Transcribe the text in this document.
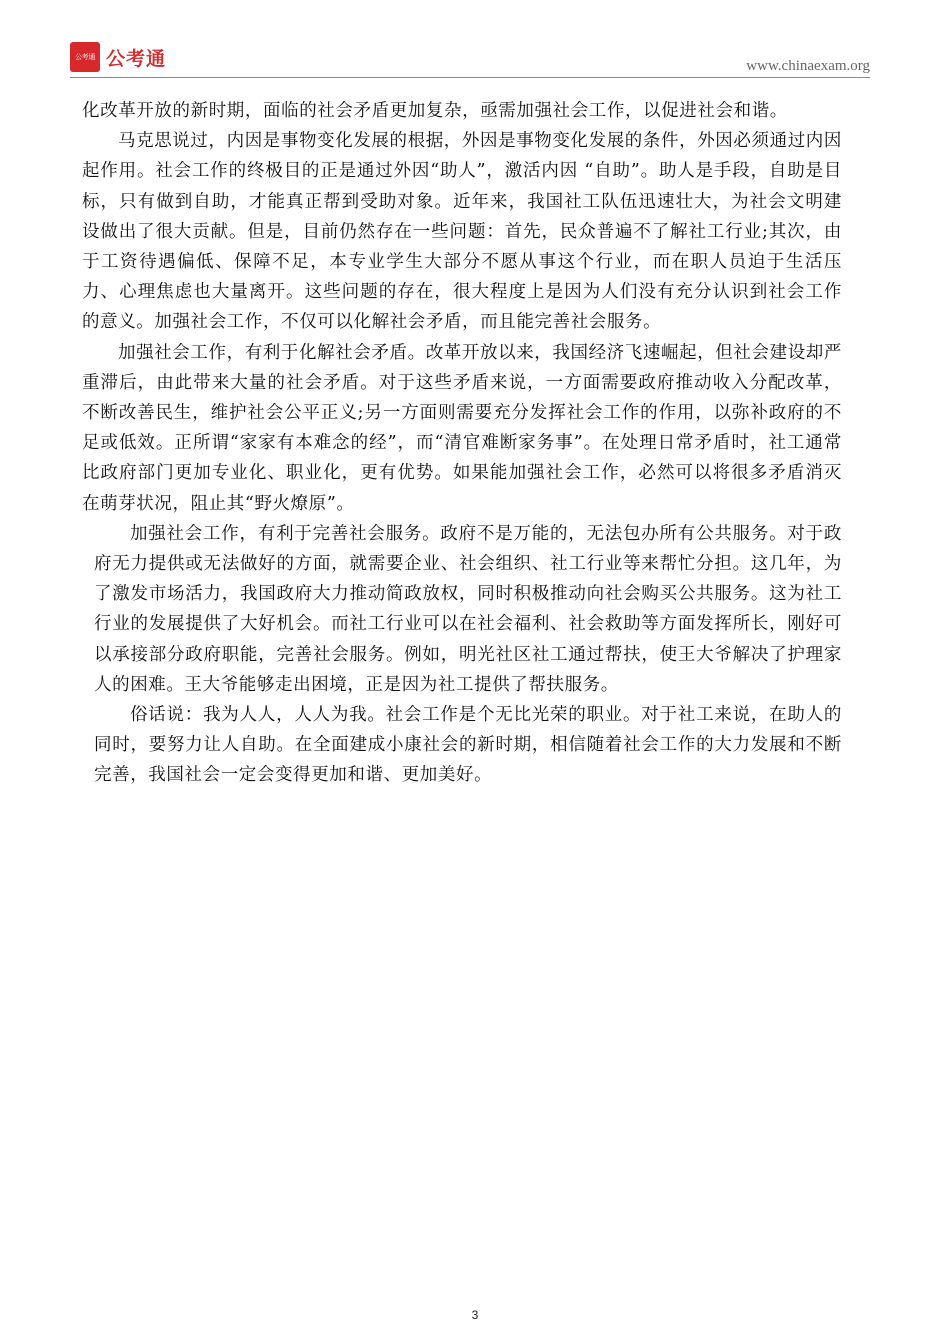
公考通 公考通	www.chinaexam.org

化改革开放的新时期，面临的社会矛盾更加复杂，亟需加强社会工作，以促进社会和谐。

马克思说过，内因是事物变化发展的根据，外因是事物变化发展的条件，外因必须通过内因起作用。社会工作的终极目的正是通过外因“助人”，激活内因 “自助”。助人是手段，自助是目标，只有做到自助，才能真正帮到受助对象。近年来，我国社工队伍迅速壮大，为社会文明建设做出了很大贡献。但是，目前仍然存在一些问题：首先，民众普遍不了解社工行业;其次，由于工资待遇偏低、保障不足，本专业学生大部分不愿从事这个行业，而在职人员迫于生活压力、心理焦虑也大量离开。这些问题的存在，很大程度上是因为人们没有充分认识到社会工作的意义。加强社会工作，不仅可以化解社会矛盾，而且能完善社会服务。

加强社会工作，有利于化解社会矛盾。改革开放以来，我国经济飞速崛起，但社会建设却严重滞后，由此带来大量的社会矛盾。对于这些矛盾来说，一方面需要政府推动收入分配改革，不断改善民生，维护社会公平正义;另一方面则需要充分发挥社会工作的作用，以弥补政府的不足或低效。正所谓“家家有本难念的经”，而“清官难断家务事”。在处理日常矛盾时，社工通常比政府部门更加专业化、职业化，更有优势。如果能加强社会工作，必然可以将很多矛盾消灭在萌芽状况，阻止其“野火燎原”。

加强社会工作，有利于完善社会服务。政府不是万能的，无法包办所有公共服务。对于政府无力提供或无法做好的方面，就需要企业、社会组织、社工行业等来帮忙分担。这几年，为了激发市场活力，我国政府大力推动简政放权，同时积极推动向社会购买公共服务。这为社工行业的发展提供了大好机会。而社工行业可以在社会福利、社会救助等方面发挥所长，刚好可以承接部分政府职能，完善社会服务。例如，明光社区社工通过帮扶，使王大爷解决了护理家人的困难。王大爷能够走出困境，正是因为社工提供了帮扶服务。

俗话说：我为人人，人人为我。社会工作是个无比光荣的职业。对于社工来说，在助人的同时，要努力让人自助。在全面建成小康社会的新时期，相信随着社会工作的大力发展和不断完善，我国社会一定会变得更加和谐、更加美好。

3
